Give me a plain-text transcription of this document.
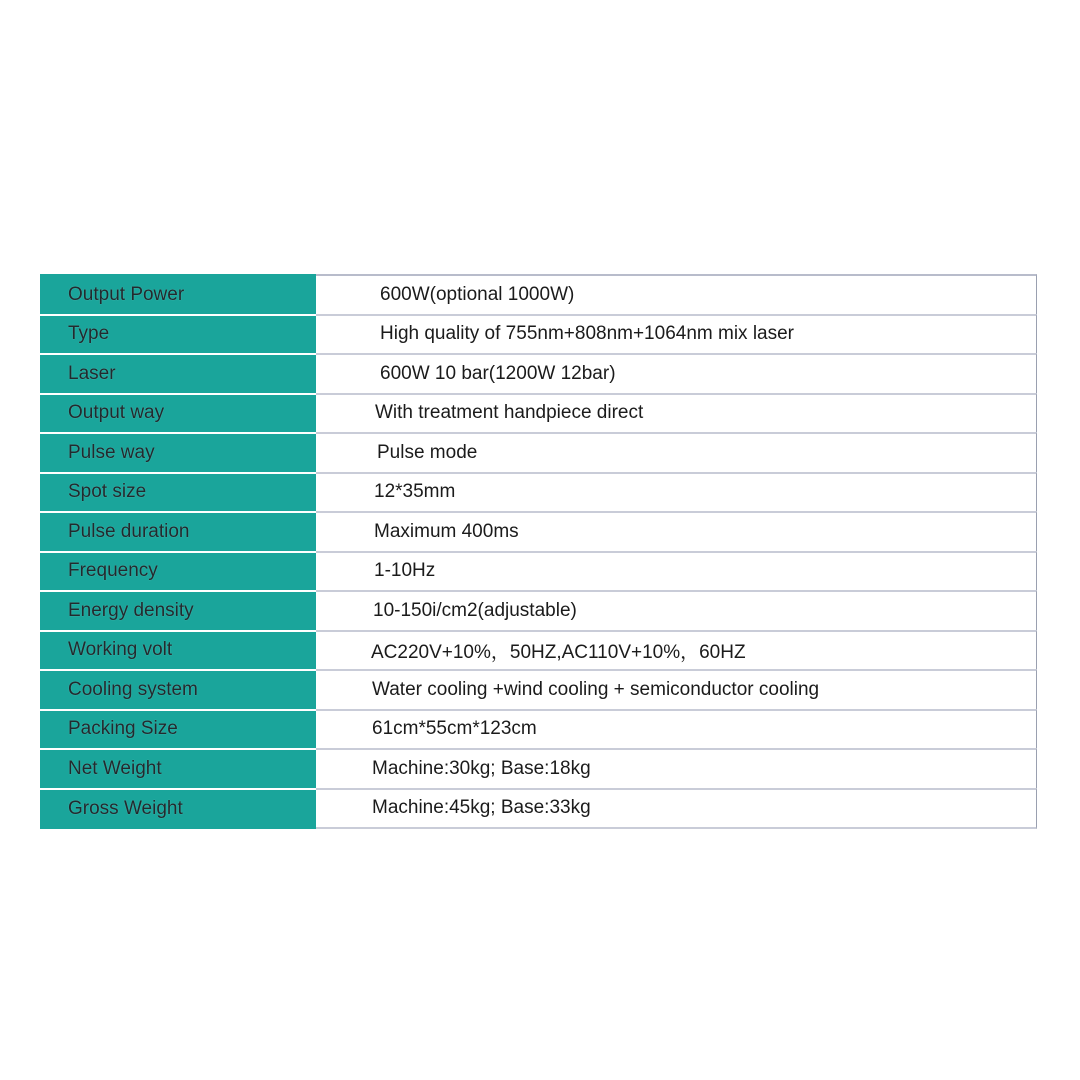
Output Power	600W(optional 1000W)
Type	High quality of 755nm+808nm+1064nm mix laser
Laser	600W 10 bar(1200W 12bar)
Output way	With treatment handpiece direct
Pulse way	Pulse mode
Spot size	12*35mm
Pulse duration	Maximum 400ms
Frequency	1-10Hz
Energy density	10-150i/cm2(adjustable)
Working volt	AC220V+10%，50HZ,AC110V+10%，60HZ
Cooling system	Water cooling +wind cooling + semiconductor cooling
Packing Size	61cm*55cm*123cm
Net Weight	Machine:30kg; Base:18kg
Gross Weight	Machine:45kg; Base:33kg
